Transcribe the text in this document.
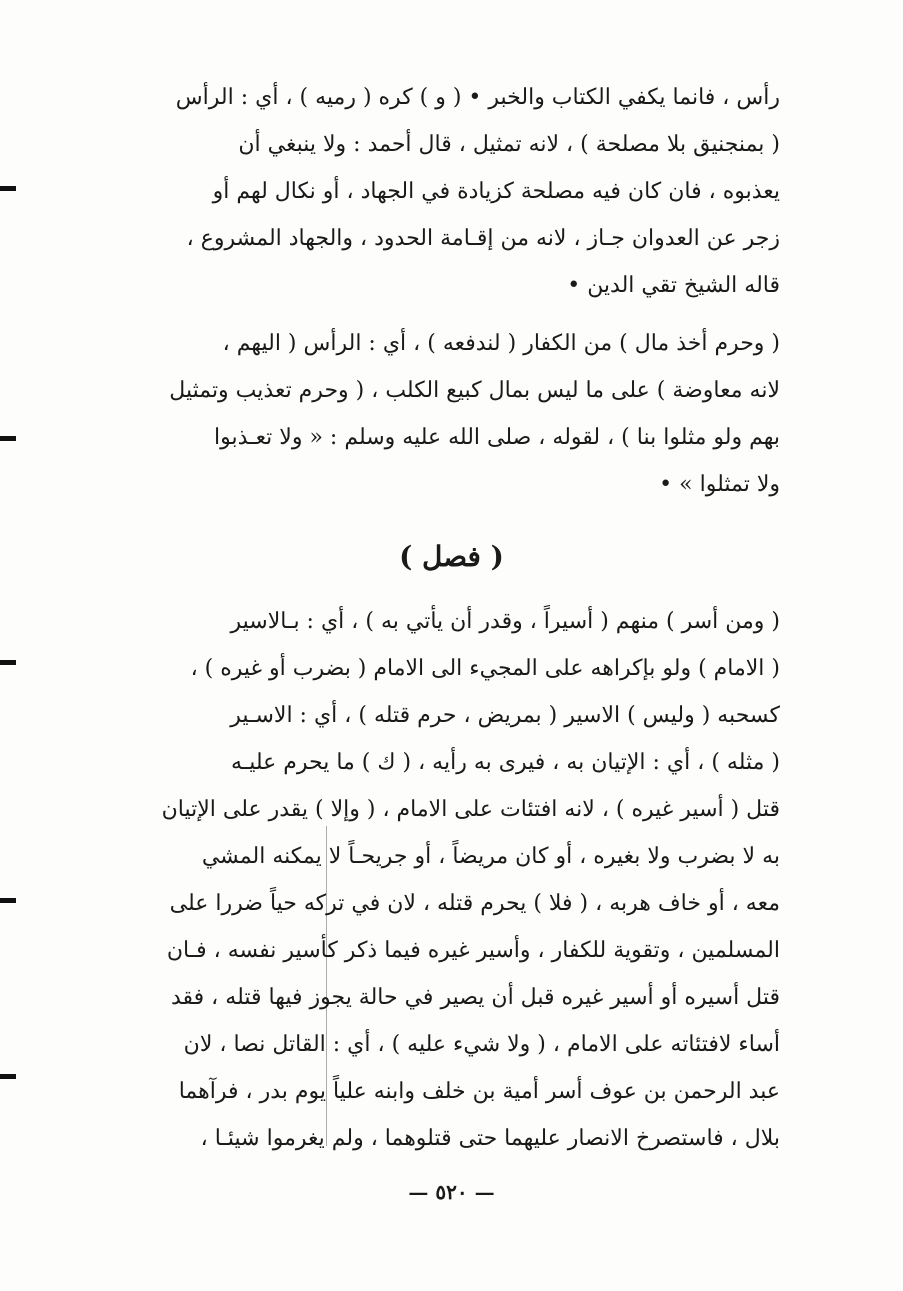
رأس ، فانما يكفي الكتاب والخبر • ( و ) كره ( رميه ) ، أي : الرأس
( بمنجنيق بلا مصلحة ) ، لانه تمثيل ، قال أحمد : ولا ينبغي أن
يعذبوه ، فان كان فيه مصلحة كزيادة في الجهاد ، أو نكال لهم أو
زجر عن العدوان جـاز ، لانه من إقـامة الحدود ، والجهاد المشروع ،
قاله الشيخ تقي الدين •
( وحرم أخذ مال ) من الكفار ( لندفعه ) ، أي : الرأس ( اليهم ،
لانه معاوضة ) على ما ليس بمال كبيع الكلب ، ( وحرم تعذيب وتمثيل
بهم ولو مثلوا بنا ) ، لقوله ، صلى الله عليه وسلم : « ولا تعـذبوا
ولا تمثلوا » •
( فصل )
( ومن أسر ) منهم ( أسيراً ، وقدر أن يأتي به ) ، أي : بـالاسير
( الامام ) ولو بإكراهه على المجيء الى الامام ( بضرب أو غيره ) ،
كسحبه ( وليس ) الاسير ( بمريض ، حرم قتله ) ، أي : الاسـير
( مثله ) ، أي : الإتيان به ، فيرى به رأيه ، ( ك ) ما يحرم عليـه
قتل ( أسير غيره ) ، لانه افتئات على الامام ، ( وإلا ) يقدر على الإتيان
به لا بضرب ولا بغيره ، أو كان مريضاً ، أو جريحـاً لا يمكنه المشي
معه ، أو خاف هربه ، ( فلا ) يحرم قتله ، لان في تركه حياً ضررا على
المسلمين ، وتقوية للكفار ، وأسير غيره فيما ذكر كأسير نفسه ، فـان
قتل أسيره أو أسير غيره قبل أن يصير في حالة يجوز فيها قتله ، فقد
أساء لافتئاته على الامام ، ( ولا شيء عليه ) ، أي : القاتل نصا ، لان
عبد الرحمن بن عوف أسر أمية بن خلف وابنه علياً يوم بدر ، فرآهما
بلال ، فاستصرخ الانصار عليهما حتى قتلوهما ، ولم يغرموا شيئـا ،
— ٥٢٠ —
